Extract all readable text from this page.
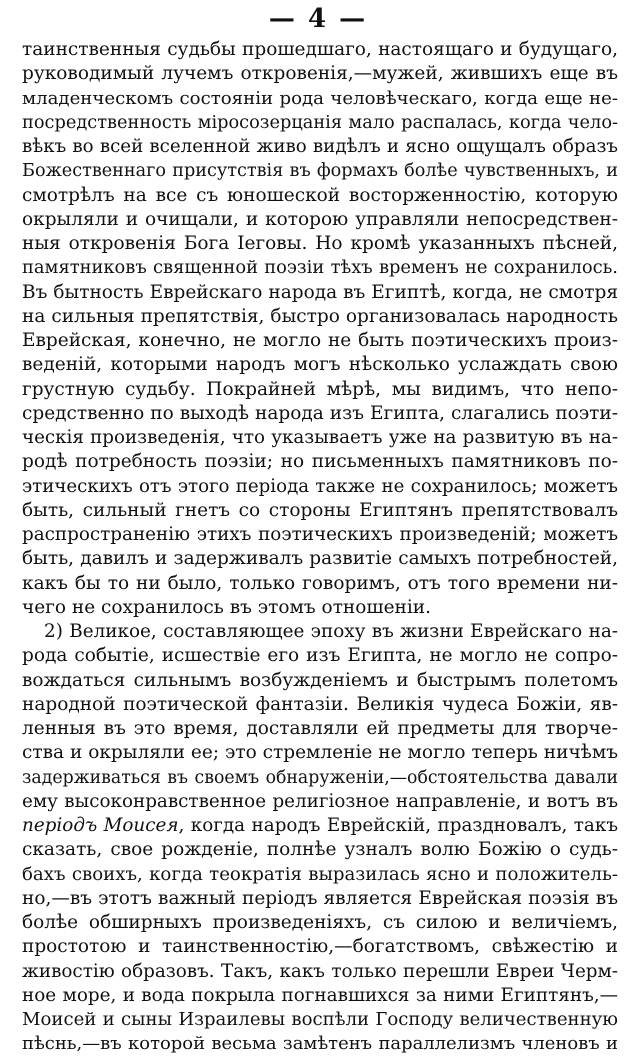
— 4 —
таинственныя судьбы прошедшаго, настоящаго и будущаго,
руководимый лучемъ откровенія,—мужей, жившихъ еще въ
младенческомъ состояніи рода человѣческаго, когда еще не-
посредственность міросозерцанія мало распалась, когда чело-
вѣкъ во всей вселенной живо видѣлъ и ясно ощущалъ образъ
Божественнаго присутствія въ формахъ болѣе чувственныхъ, и
смотрѣлъ на все съ юношеской восторженностію, которую
окрыляли и очищали, и которою управляли непосредствен-
ныя откровенія Бога Іеговы. Но кромѣ указанныхъ пѣсней,
памятниковъ священной поэзіи тѣхъ временъ не сохранилось.
Въ бытность Еврейскаго народа въ Египтѣ, когда, не смотря
на сильныя препятствія, быстро организовалась народность
Еврейская, конечно, не могло не быть поэтическихъ произ-
веденій, которыми народъ могъ нѣсколько услаждать свою
грустную судьбу. Покрайней мѣрѣ, мы видимъ, что непо-
средственно по выходѣ народа изъ Египта, слагались поэти-
ческія произведенія, что указываетъ уже на развитую въ на-
родѣ потребность поэзіи; но письменныхъ памятниковъ по-
этическихъ отъ этого періода также не сохранилось; можетъ
быть, сильный гнетъ со стороны Египтянъ препятствовалъ
распространенію этихъ поэтическихъ произведеній; можетъ
быть, давилъ и задерживалъ развитіе самыхъ потребностей,
какъ бы то ни было, только говоримъ, отъ того времени ни-
чего не сохранилось въ этомъ отношеніи.
2) Великое, составляющее эпоху въ жизни Еврейскаго на-
рода событіе, исшествіе его изъ Египта, не могло не сопро-
вождаться сильнымъ возбужденіемъ и быстрымъ полетомъ
народной поэтической фантазіи. Великія чудеса Божіи, яв-
ленныя въ это время, доставляли ей предметы для творче-
ства и окрыляли ее; это стремленіе не могло теперь ничѣмъ
задерживаться въ своемъ обнаруженіи,—обстоятельства давали
ему высоконравственное религіозное направленіе, и вотъ въ
періодъ Моисея, когда народъ Еврейскій, праздновалъ, такъ
сказать, свое рожденіе, полнѣе узналъ волю Божію о судь-
бахъ своихъ, когда теократія выразилась ясно и положитель-
но,—въ этотъ важный періодъ является Еврейская поэзія въ
болѣе обширныхъ произведеніяхъ, съ силою и величіемъ,
простотою и таинственностію,—богатствомъ, свѣжестію и
живостію образовъ. Такъ, какъ только перешли Евреи Черм-
ное море, и вода покрыла погнавшихся за ними Египтянъ,—
Моисей и сыны Израилевы воспѣли Господу величественную
пѣснь,—въ которой весьма замѣтенъ параллелизмъ членовъ и
